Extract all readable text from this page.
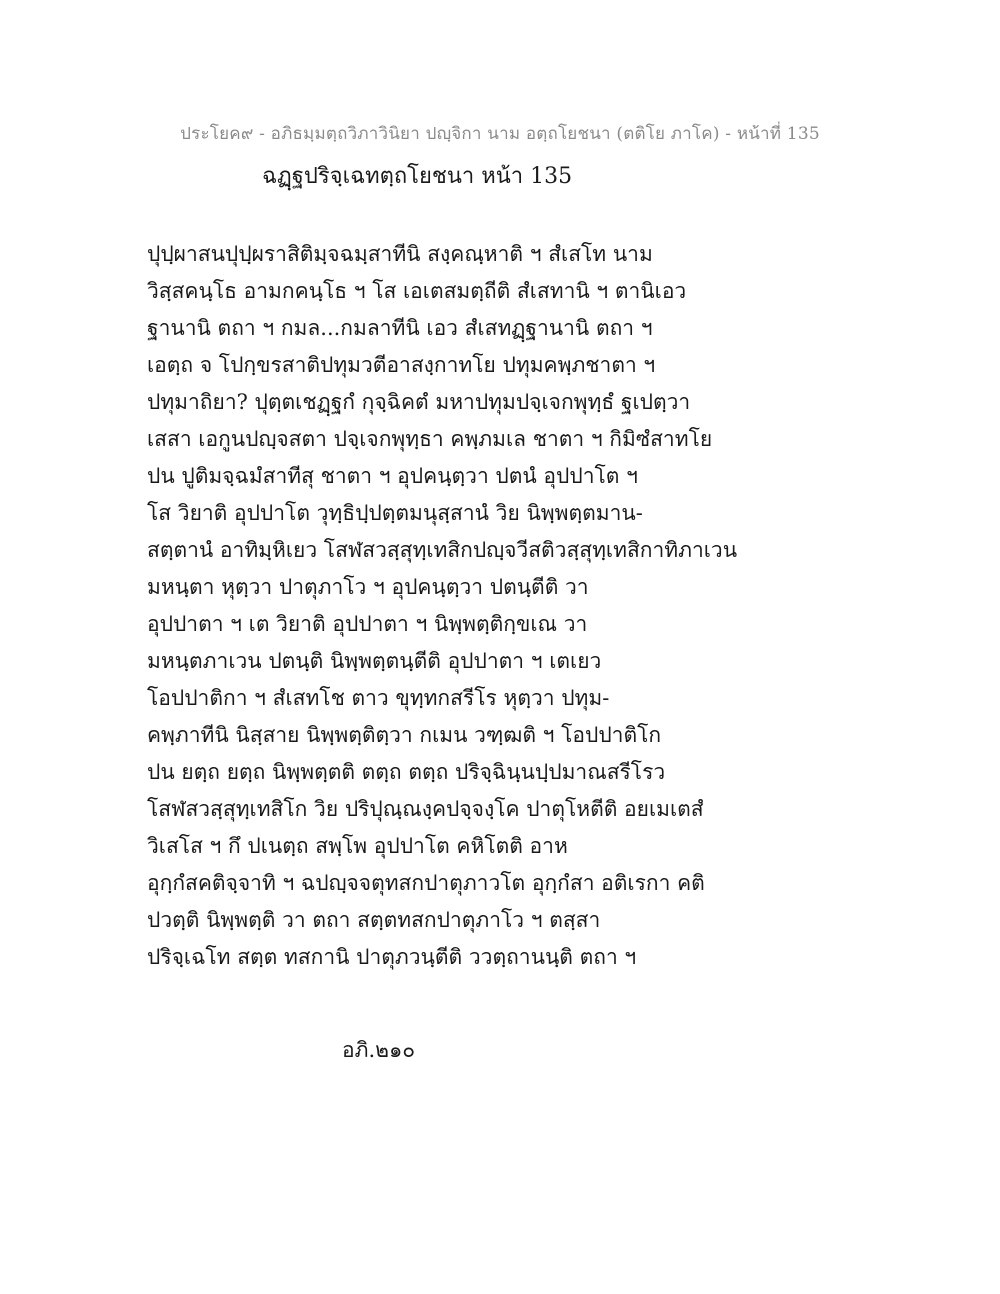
ประโยค๙ - อภิธมฺมตฺถวิภาวินิยา ปญฺจิกา นาม อตฺถโยชนา (ตติโย ภาโค) - หน้าที่ 135
ฉฏฺฐปริจฺเฉทตฺถโยชนา หน้า 135
ปุปฺผาสนปุปฺผราสิติมฺจฉมฺสาทีนิ สงฺคณฺหาติ ฯ สํเสโท นาม
วิสฺสคนฺโธ อามกคนฺโธ ฯ โส เอเตสมตฺถีติ สํเสทานิ ฯ ตานิเอว
ฐานานิ ตถา ฯ กมล...กมลาทีนิ เอว สํเสทฏฺฐานานิ ตถา ฯ
เอตฺถ จ โปกฺขรสาติปทุมวตีอาสงฺกาทโย ปทุมคพฺภชาตา ฯ
ปทุมาถิยา? ปุตฺตเชฏฺฐกํ กุจฺฉิคตํ มหาปทุมปจฺเจกพุทฺธํ ฐเปตฺวา
เสสา เอกูนปญฺจสตา ปจฺเจกพุทฺธา คพฺภมเล ชาตา ฯ กิมิซํสาทโย
ปน ปูติมจฺฉมํสาทีสุ ชาตา ฯ อุปคนฺตฺวา ปตนํ อุปปาโต ฯ
โส วิยาติ อุปปาโต วุทฺธิปฺปตฺตมนุสฺสานํ วิย นิพฺพตฺตมาน-
สตฺตานํ อาทิมฺหิเยว โสฬสวสฺสุทฺเทสิกปญฺจวีสติวสฺสุทฺเทสิกาทิภาเวน
มหนฺตา หุตฺวา ปาตุภาโว ฯ อุปคนฺตฺวา ปตนฺตีติ วา
อุปปาตา ฯ เต วิยาติ อุปปาตา ฯ นิพฺพตฺติกฺขเณ วา
มหนฺตภาเวน ปตนฺติ นิพฺพตฺตนฺตีติ อุปปาตา ฯ เตเยว
โอปปาติกา ฯ สํเสทโช ตาว ขุทฺทกสรีโร หุตฺวา ปทุม-
คพฺภาทีนิ นิสฺสาย นิพฺพตฺติตฺวา กเมน วฑฺฒติ ฯ โอปปาติโก
ปน ยตฺถ ยตฺถ นิพฺพตฺตติ ตตฺถ ตตฺถ ปริจฺฉินฺนปฺปมาณสรีโรว
โสฬสวสฺสุทฺเทสิโก วิย ปริปุณฺณงฺคปจฺจงฺโค ปาตุโหตีติ อยเมเตสํ
วิเสโส ฯ กึ ปเนตฺถ สพฺโพ อุปปาโต คหิโตติ อาห
อุกฺกํสคติจฺจาทิ ฯ ฉปญฺจจตุทสกปาตุภาวโต อุกฺกํสา อติเรกา คติ
ปวตฺติ นิพฺพตฺติ วา ตถา สตฺตทสกปาตุภาโว ฯ ตสฺสา
ปริจฺเฉโท สตฺต ทสกานิ ปาตุภวนฺตีติ ววตฺถานนฺติ ตถา ฯ
อภิ.๒๑๐
